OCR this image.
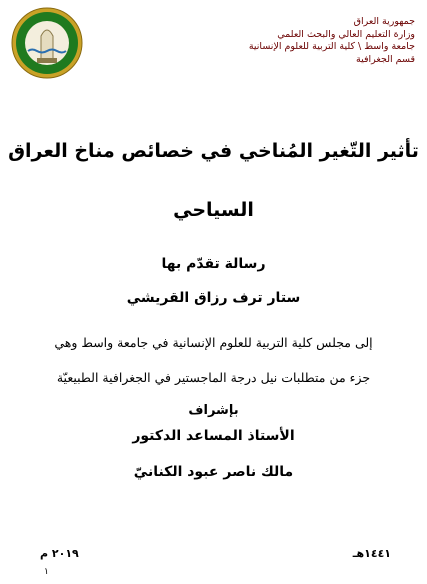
جمهورية العراق
وزارة التعليم العالي والبحث العلمي
جامعة واسط \ كلية التربية للعلوم الإنسانية
قسم الجغرافية
تأثير التّغير المُناخي في خصائص مناخ العراق
السياحي
رسالة تقدّم بها
ستار ترف رزاق القريشي
إلى مجلس كلية التربية للعلوم الإنسانية في جامعة واسط وهي
جزء من متطلبات نيل درجة الماجستير في الجغرافية الطبيعيّة
بإشراف
الأستاذ المساعد الدكتور
مالك ناصر عبود الكنانيّ
١٤٤١هـ
٢٠١٩ م
١
